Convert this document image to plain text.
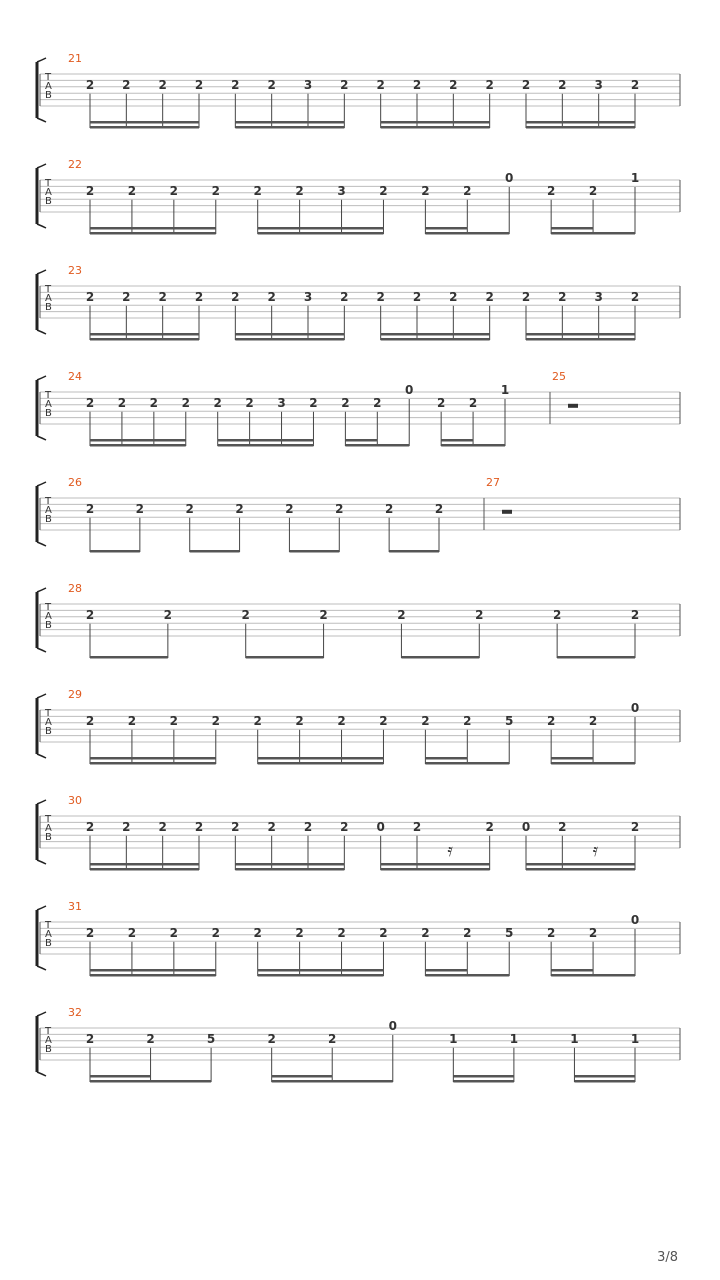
T
A
B
21
2 2 2 2 2 2 3 2 2 2 2 2 2 2 3 2
T
A
B
22
2	2	2	2	2	2	3	2	2	2
0
2	2
1
T
A
B
23
2 2 2 2 2 2 3 2 2 2 2 2 2 2 3 2
T
A
B
24
2 2 2 2 2 2 3 2 2 2
0
2 2
1
25
T
A
B
26
2	2	2	2	2	2	2	2
27
T
A
B
28
2	2	2	2	2	2	2	2
T
A
B
29
2	2	2	2	2	2	2	2	2	2	5	2	2
0
T
A
B
30
2 2 2 2 2 2 2 2 0 2
𝄿
2 0 2
𝄿
2
T
A
B
31
2	2	2	2	2	2	2	2	2	2	5	2	2
0
T
A
B
32
2	2	5	2	2
0
1	1	1	1
3/8
